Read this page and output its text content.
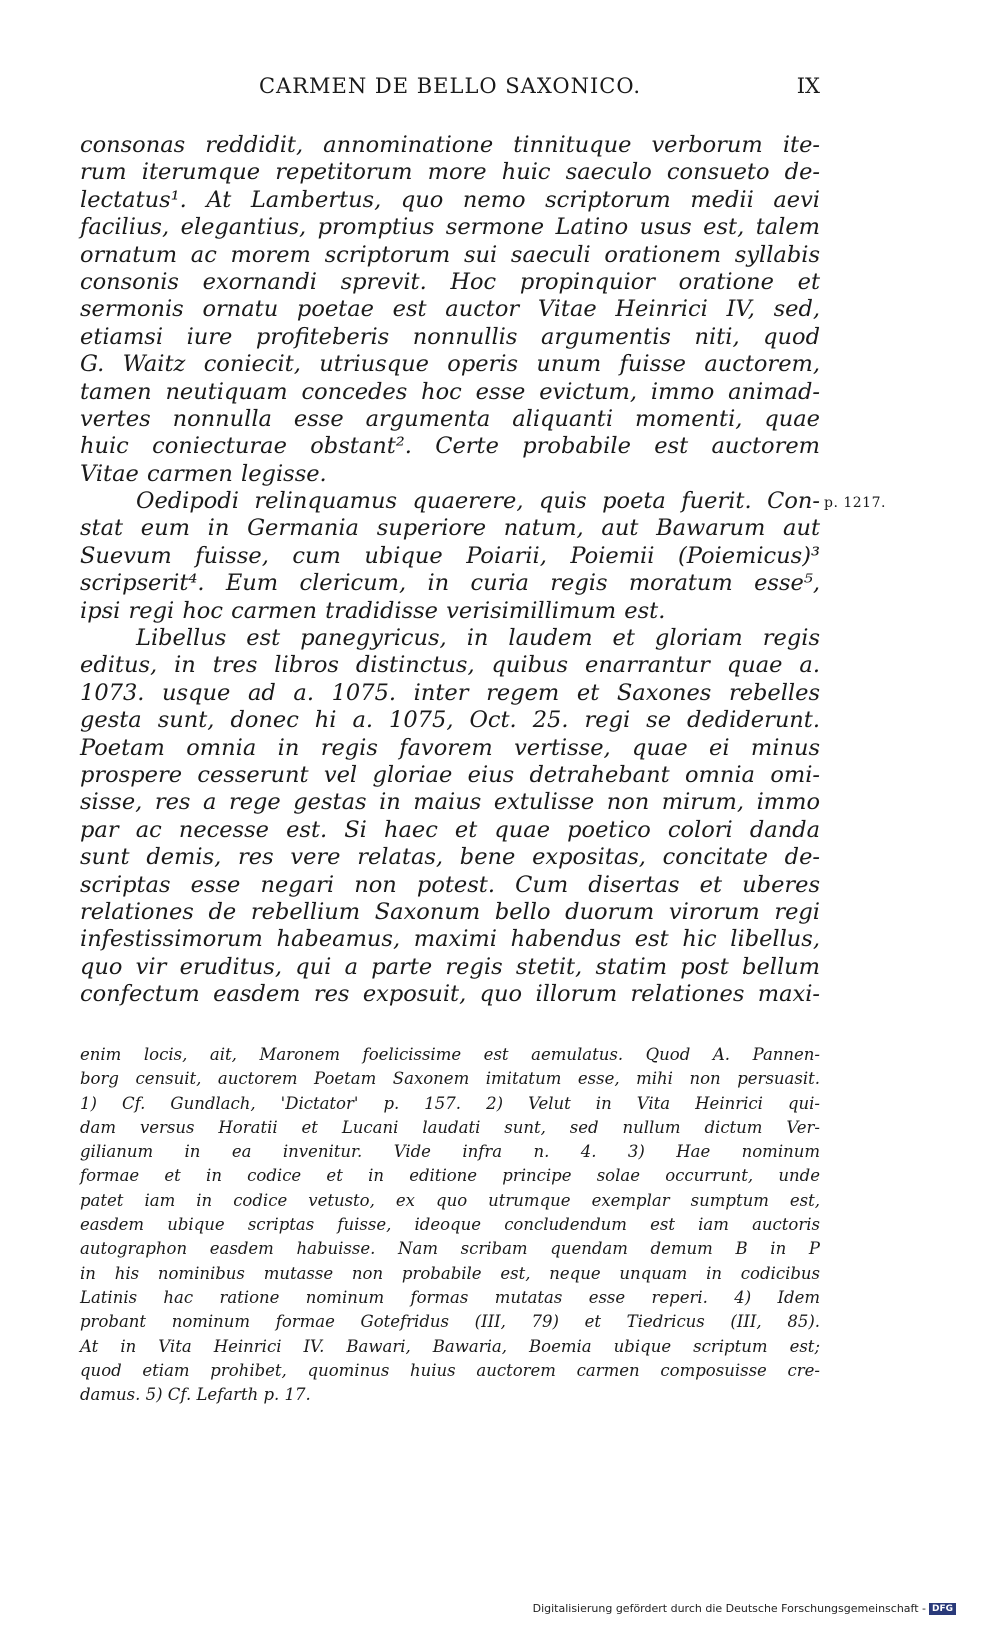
CARMEN DE BELLO SAXONICO.	IX
p. 1217.
consonas reddidit, annominatione tinnituque verborum ite-
rum iterumque repetitorum more huic saeculo consueto de-
lectatus¹. At Lambertus, quo nemo scriptorum medii aevi
facilius, elegantius, promptius sermone Latino usus est, talem
ornatum ac morem scriptorum sui saeculi orationem syllabis
consonis exornandi sprevit. Hoc propinquior oratione et
sermonis ornatu poetae est auctor Vitae Heinrici IV, sed,
etiamsi iure profiteberis nonnullis argumentis niti, quod
G. Waitz coniecit, utriusque operis unum fuisse auctorem,
tamen neutiquam concedes hoc esse evictum, immo animad-
vertes nonnulla esse argumenta aliquanti momenti, quae
huic coniecturae obstant². Certe probabile est auctorem
Vitae carmen legisse.
Oedipodi relinquamus quaerere, quis poeta fuerit. Con-
stat eum in Germania superiore natum, aut Bawarum aut
Suevum fuisse, cum ubique Poiarii, Poiemii (Poiemicus)³
scripserit⁴. Eum clericum, in curia regis moratum esse⁵,
ipsi regi hoc carmen tradidisse verisimillimum est.
Libellus est panegyricus, in laudem et gloriam regis
editus, in tres libros distinctus, quibus enarrantur quae a.
1073. usque ad a. 1075. inter regem et Saxones rebelles
gesta sunt, donec hi a. 1075, Oct. 25. regi se dediderunt.
Poetam omnia in regis favorem vertisse, quae ei minus
prospere cesserunt vel gloriae eius detrahebant omnia omi-
sisse, res a rege gestas in maius extulisse non mirum, immo
par ac necesse est. Si haec et quae poetico colori danda
sunt demis, res vere relatas, bene expositas, concitate de-
scriptas esse negari non potest. Cum disertas et uberes
relationes de rebellium Saxonum bello duorum virorum regi
infestissimorum habeamus, maximi habendus est hic libellus,
quo vir eruditus, qui a parte regis stetit, statim post bellum
confectum easdem res exposuit, quo illorum relationes maxi-
enim locis, ait, Maronem foelicissime est aemulatus. Quod A. Pannen-
borg censuit, auctorem Poetam Saxonem imitatum esse, mihi non persuasit.
1) Cf. Gundlach, 'Dictator' p. 157. 2) Velut in Vita Heinrici qui-
dam versus Horatii et Lucani laudati sunt, sed nullum dictum Ver-
gilianum in ea invenitur. Vide infra n. 4. 3) Hae nominum
formae et in codice et in editione principe solae occurrunt, unde
patet iam in codice vetusto, ex quo utrumque exemplar sumptum est,
easdem ubique scriptas fuisse, ideoque concludendum est iam auctoris
autographon easdem habuisse. Nam scribam quendam demum B in P
in his nominibus mutasse non probabile est, neque unquam in codicibus
Latinis hac ratione nominum formas mutatas esse reperi. 4) Idem
probant nominum formae Gotefridus (III, 79) et Tiedricus (III, 85).
At in Vita Heinrici IV. Bawari, Bawaria, Boemia ubique scriptum est;
quod etiam prohibet, quominus huius auctorem carmen composuisse cre-
damus. 5) Cf. Lefarth p. 17.
Digitalisierung gefördert durch die Deutsche Forschungsgemeinschaft - DFG
